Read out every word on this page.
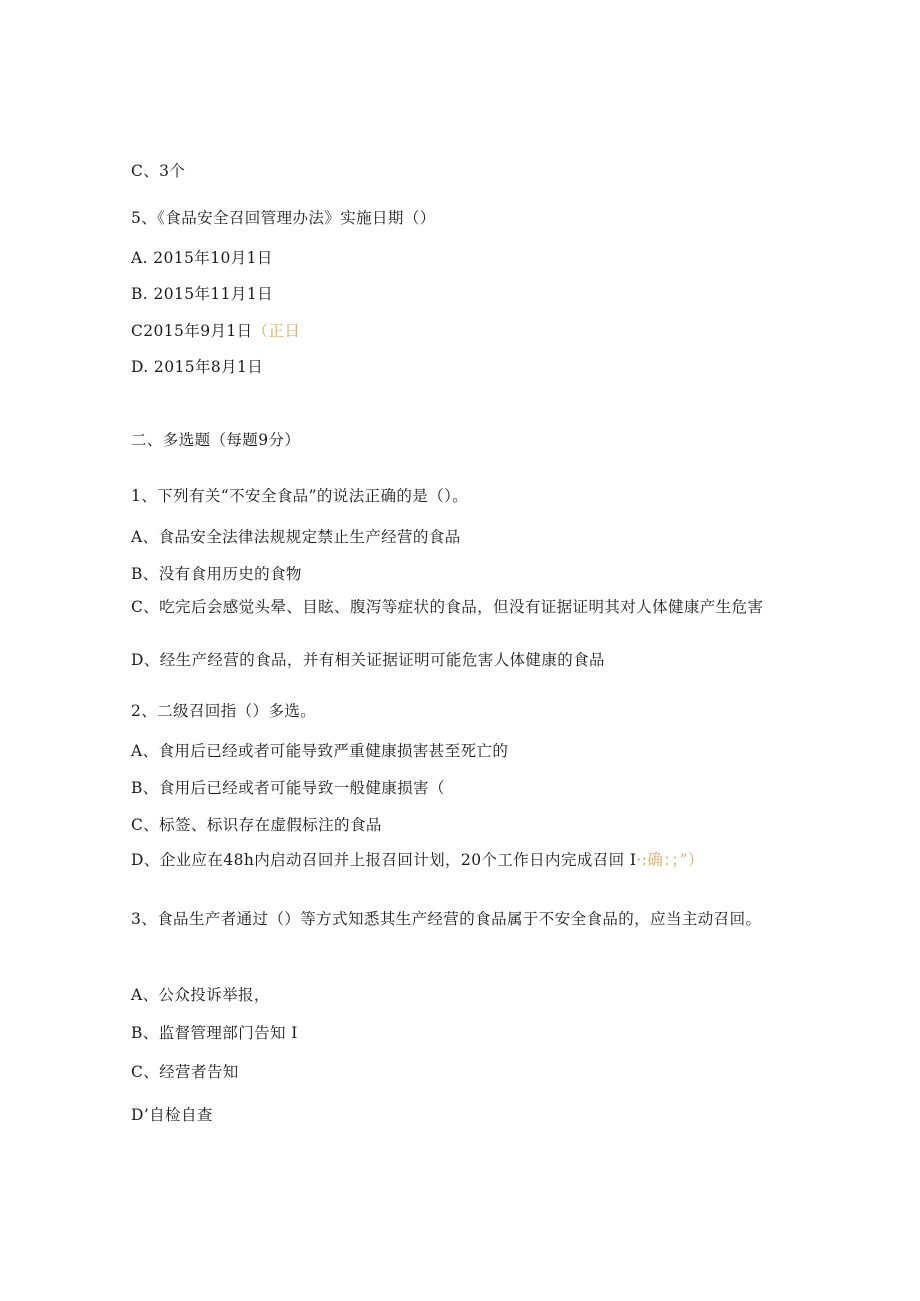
C、3个
5、《食品安全召回管理办法》实施日期（）
A. 2015年10月1日
B. 2015年11月1日
C2015年9月1日（正日
D. 2015年8月1日
二、多选题（每题9分）
1、下列有关“不安全食品”的说法正确的是（）。
A、食品安全法律法规规定禁止生产经营的食品
B、没有食用历史的食物
C、吃完后会感觉头晕、目眩、腹泻等症状的食品，但没有证据证明其对人体健康产生危害
D、经生产经营的食品，并有相关证据证明可能危害人体健康的食品
2、二级召回指（）多选。
A、食用后已经或者可能导致严重健康损害甚至死亡的
B、食用后已经或者可能导致一般健康损害（
C、标签、标识存在虚假标注的食品
D、企业应在48h内启动召回并上报召回计划，20个工作日内完成召回 I·:确：；”）
3、食品生产者通过（）等方式知悉其生产经营的食品属于不安全食品的，应当主动召回。
A、公众投诉举报，
B、监督管理部门告知 I
C、经营者告知
D’自检自查
